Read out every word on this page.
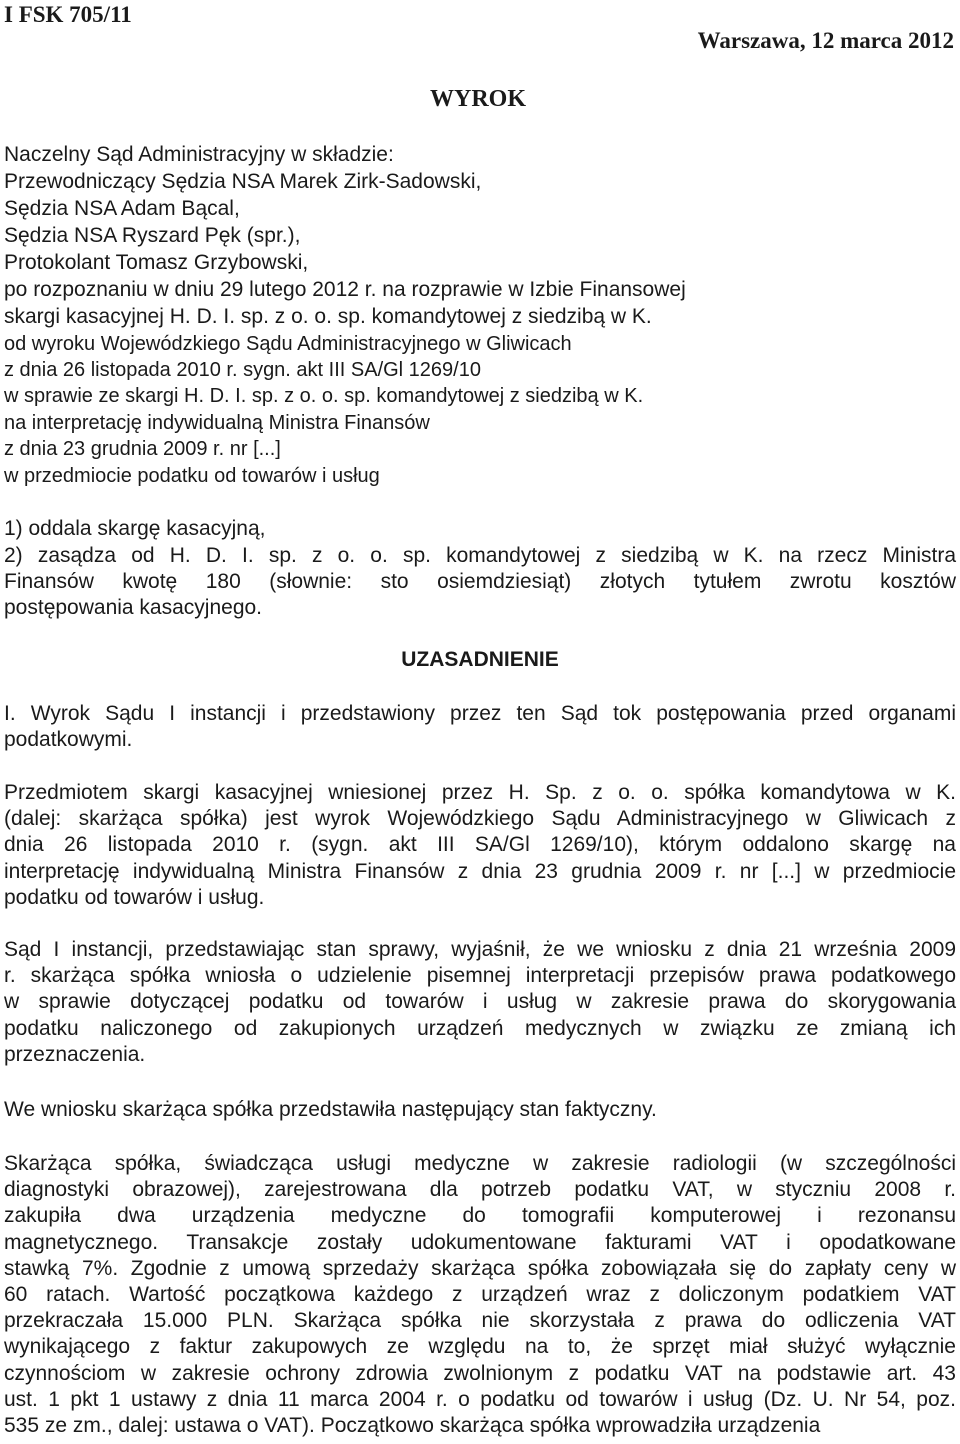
I FSK 705/11
Warszawa, 12 marca 2012
WYROK
Naczelny Sąd Administracyjny w składzie:
Przewodniczący Sędzia NSA Marek Zirk-Sadowski,
Sędzia NSA Adam Bącal,
Sędzia NSA Ryszard Pęk (spr.),
Protokolant Tomasz Grzybowski,
po rozpoznaniu w dniu 29 lutego 2012 r. na rozprawie w Izbie Finansowej
skargi kasacyjnej H. D. I. sp. z o. o. sp. komandytowej z siedzibą w K.
od wyroku Wojewódzkiego Sądu Administracyjnego w Gliwicach
z dnia 26 listopada 2010 r. sygn. akt III SA/Gl 1269/10
w sprawie ze skargi H. D. I. sp. z o. o. sp. komandytowej z siedzibą w K.
na interpretację indywidualną Ministra Finansów
z dnia 23 grudnia 2009 r. nr [...]
w przedmiocie podatku od towarów i usług
1) oddala skargę kasacyjną,
2) zasądza od H. D. I. sp. z o. o. sp. komandytowej z siedzibą w K. na rzecz Ministra
Finansów kwotę 180 (słownie: sto osiemdziesiąt) złotych tytułem zwrotu kosztów
postępowania kasacyjnego.
UZASADNIENIE
I. Wyrok Sądu I instancji i przedstawiony przez ten Sąd tok postępowania przed organami
podatkowymi.
Przedmiotem skargi kasacyjnej wniesionej przez H. Sp. z o. o. spółka komandytowa w K.
(dalej: skarżąca spółka) jest wyrok Wojewódzkiego Sądu Administracyjnego w Gliwicach z
dnia 26 listopada 2010 r. (sygn. akt III SA/Gl 1269/10), którym oddalono skargę na
interpretację indywidualną Ministra Finansów z dnia 23 grudnia 2009 r. nr [...] w przedmiocie
podatku od towarów i usług.
Sąd I instancji, przedstawiając stan sprawy, wyjaśnił, że we wniosku z dnia 21 września 2009
r. skarżąca spółka wniosła o udzielenie pisemnej interpretacji przepisów prawa podatkowego
w sprawie dotyczącej podatku od towarów i usług w zakresie prawa do skorygowania
podatku naliczonego od zakupionych urządzeń medycznych w związku ze zmianą ich
przeznaczenia.
We wniosku skarżąca spółka przedstawiła następujący stan faktyczny.
Skarżąca spółka, świadcząca usługi medyczne w zakresie radiologii (w szczególności
diagnostyki obrazowej), zarejestrowana dla potrzeb podatku VAT, w styczniu 2008 r.
zakupiła dwa urządzenia medyczne do tomografii komputerowej i rezonansu
magnetycznego. Transakcje zostały udokumentowane fakturami VAT i opodatkowane
stawką 7%. Zgodnie z umową sprzedaży skarżąca spółka zobowiązała się do zapłaty ceny w
60 ratach. Wartość początkowa każdego z urządzeń wraz z doliczonym podatkiem VAT
przekraczała 15.000 PLN. Skarżąca spółka nie skorzystała z prawa do odliczenia VAT
wynikającego z faktur zakupowych ze względu na to, że sprzęt miał służyć wyłącznie
czynnościom w zakresie ochrony zdrowia zwolnionym z podatku VAT na podstawie art. 43
ust. 1 pkt 1 ustawy z dnia 11 marca 2004 r. o podatku od towarów i usług (Dz. U. Nr 54, poz.
535 ze zm., dalej: ustawa o VAT). Początkowo skarżąca spółka wprowadziła urządzenia
